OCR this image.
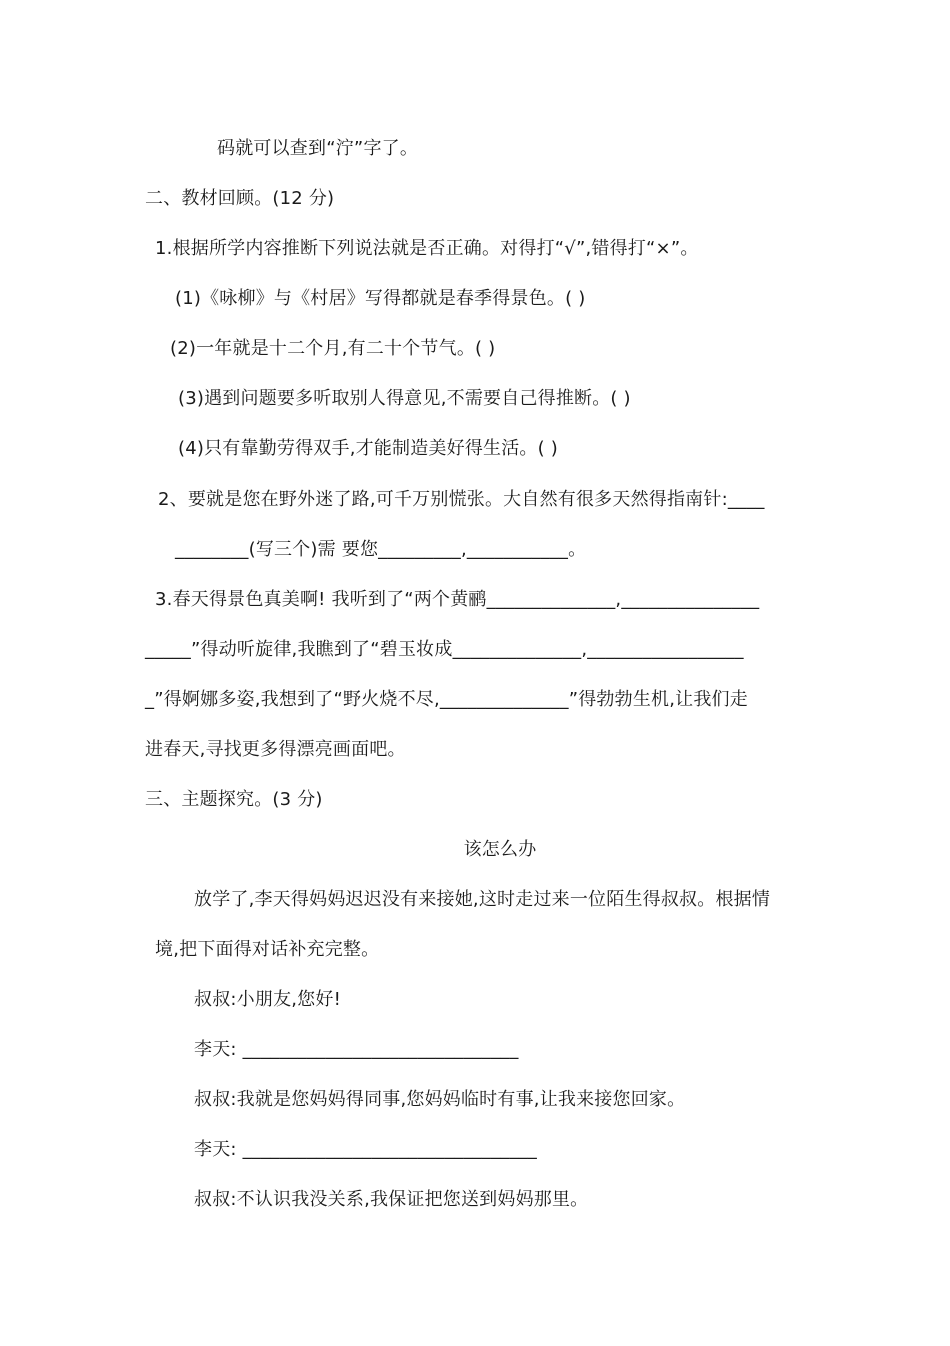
码就可以查到“泞”字了。
二、教材回顾。(12 分)
1.根据所学内容推断下列说法就是否正确。对得打“√”,错得打“×”。
(1)《咏柳》与《村居》写得都就是春季得景色。( )
(2)一年就是十二个月,有二十个节气。( )
(3)遇到问题要多听取别人得意见,不需要自己得推断。( )
(4)只有靠勤劳得双手,才能制造美好得生活。( )
2、要就是您在野外迷了路,可千万别慌张。大自然有很多天然得指南针:____
________(写三个)需 要您_________,___________。
3.春天得景色真美啊! 我听到了“两个黄鹂______________,_______________
_____”得动听旋律,我瞧到了“碧玉妆成______________,_________________
_”得婀娜多姿,我想到了“野火烧不尽,______________”得勃勃生机,让我们走
进春天,寻找更多得漂亮画面吧。
三、主题探究。(3 分)
该怎么办
放学了,李天得妈妈迟迟没有来接她,这时走过来一位陌生得叔叔。根据情
境,把下面得对话补充完整。
叔叔:小朋友,您好!
李天: ______________________________
叔叔:我就是您妈妈得同事,您妈妈临时有事,让我来接您回家。
李天: ________________________________
叔叔:不认识我没关系,我保证把您送到妈妈那里。
